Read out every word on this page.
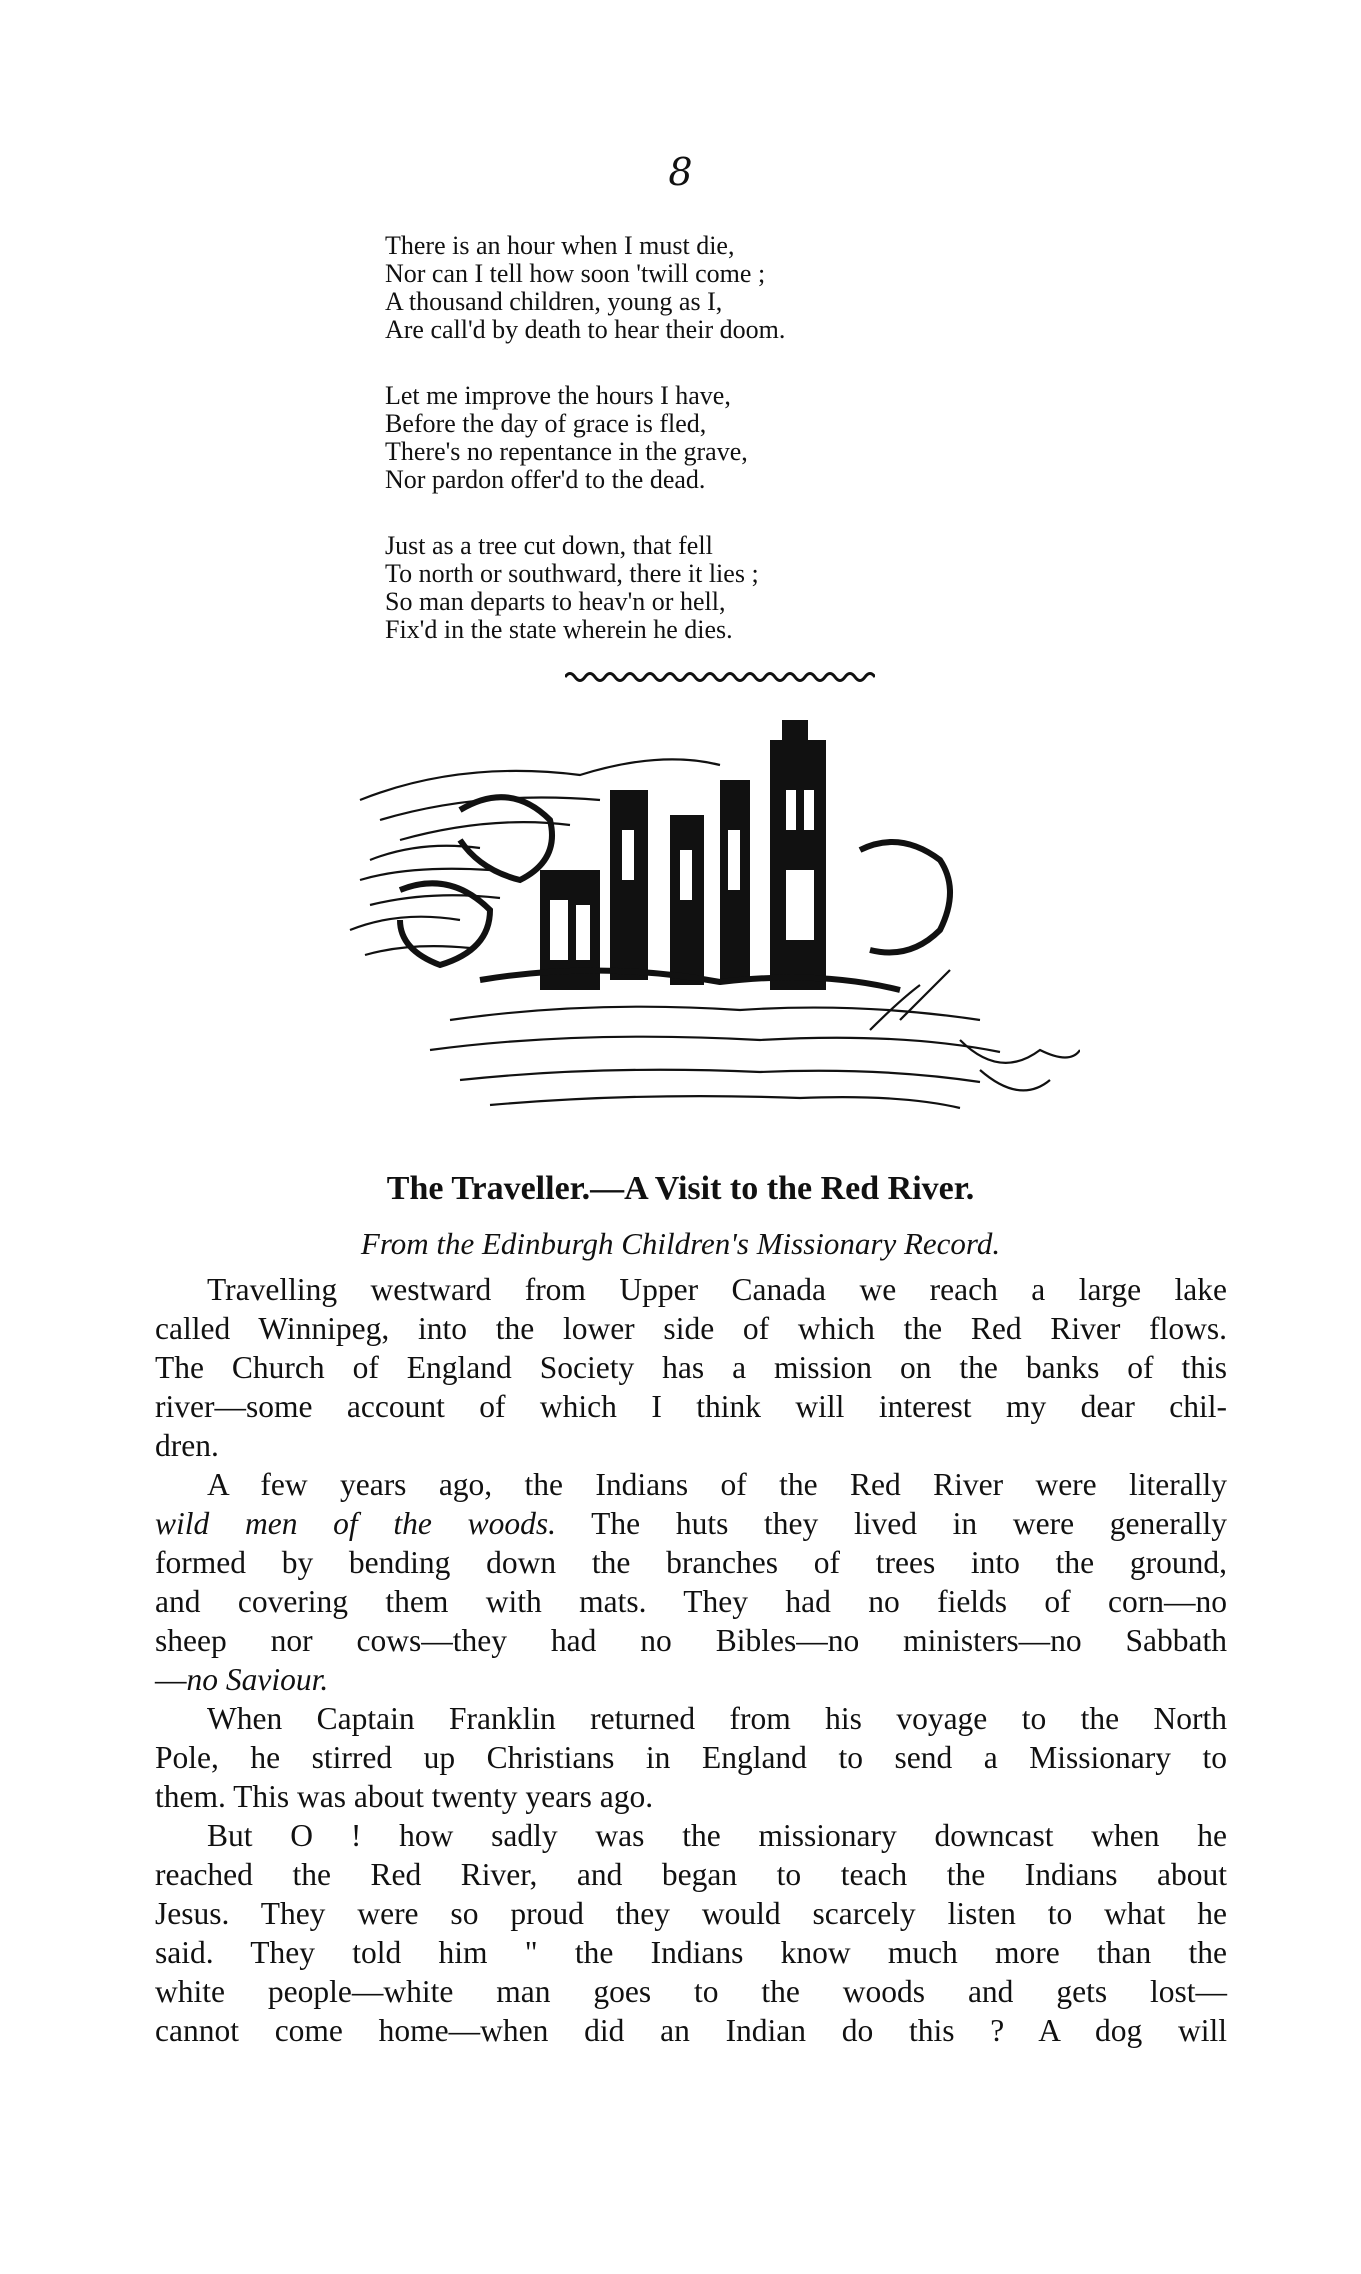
8
There is an hour when I must die,
Nor can I tell how soon 'twill come ;
A thousand children, young as I,
Are call'd by death to hear their doom.
Let me improve the hours I have,
Before the day of grace is fled,
There's no repentance in the grave,
Nor pardon offer'd to the dead.
Just as a tree cut down, that fell
To north or southward, there it lies ;
So man departs to heav'n or hell,
Fix'd in the state wherein he dies.
The Traveller.—A Visit to the Red River.
From the Edinburgh Children's Missionary Record.
Travelling westward from Upper Canada we reach a large lake
called Winnipeg, into the lower side of which the Red River flows.
The Church of England Society has a mission on the banks of this
river—some account of which I think will interest my dear chil-
dren.
A few years ago, the Indians of the Red River were literally
wild men of the woods. The huts they lived in were generally
formed by bending down the branches of trees into the ground,
and covering them with mats. They had no fields of corn—no
sheep nor cows—they had no Bibles—no ministers—no Sabbath
—no Saviour.
When Captain Franklin returned from his voyage to the North
Pole, he stirred up Christians in England to send a Missionary to
them. This was about twenty years ago.
But O ! how sadly was the missionary downcast when he
reached the Red River, and began to teach the Indians about
Jesus. They were so proud they would scarcely listen to what he
said. They told him " the Indians know much more than the
white people—white man goes to the woods and gets lost—
cannot come home—when did an Indian do this ? A dog will
